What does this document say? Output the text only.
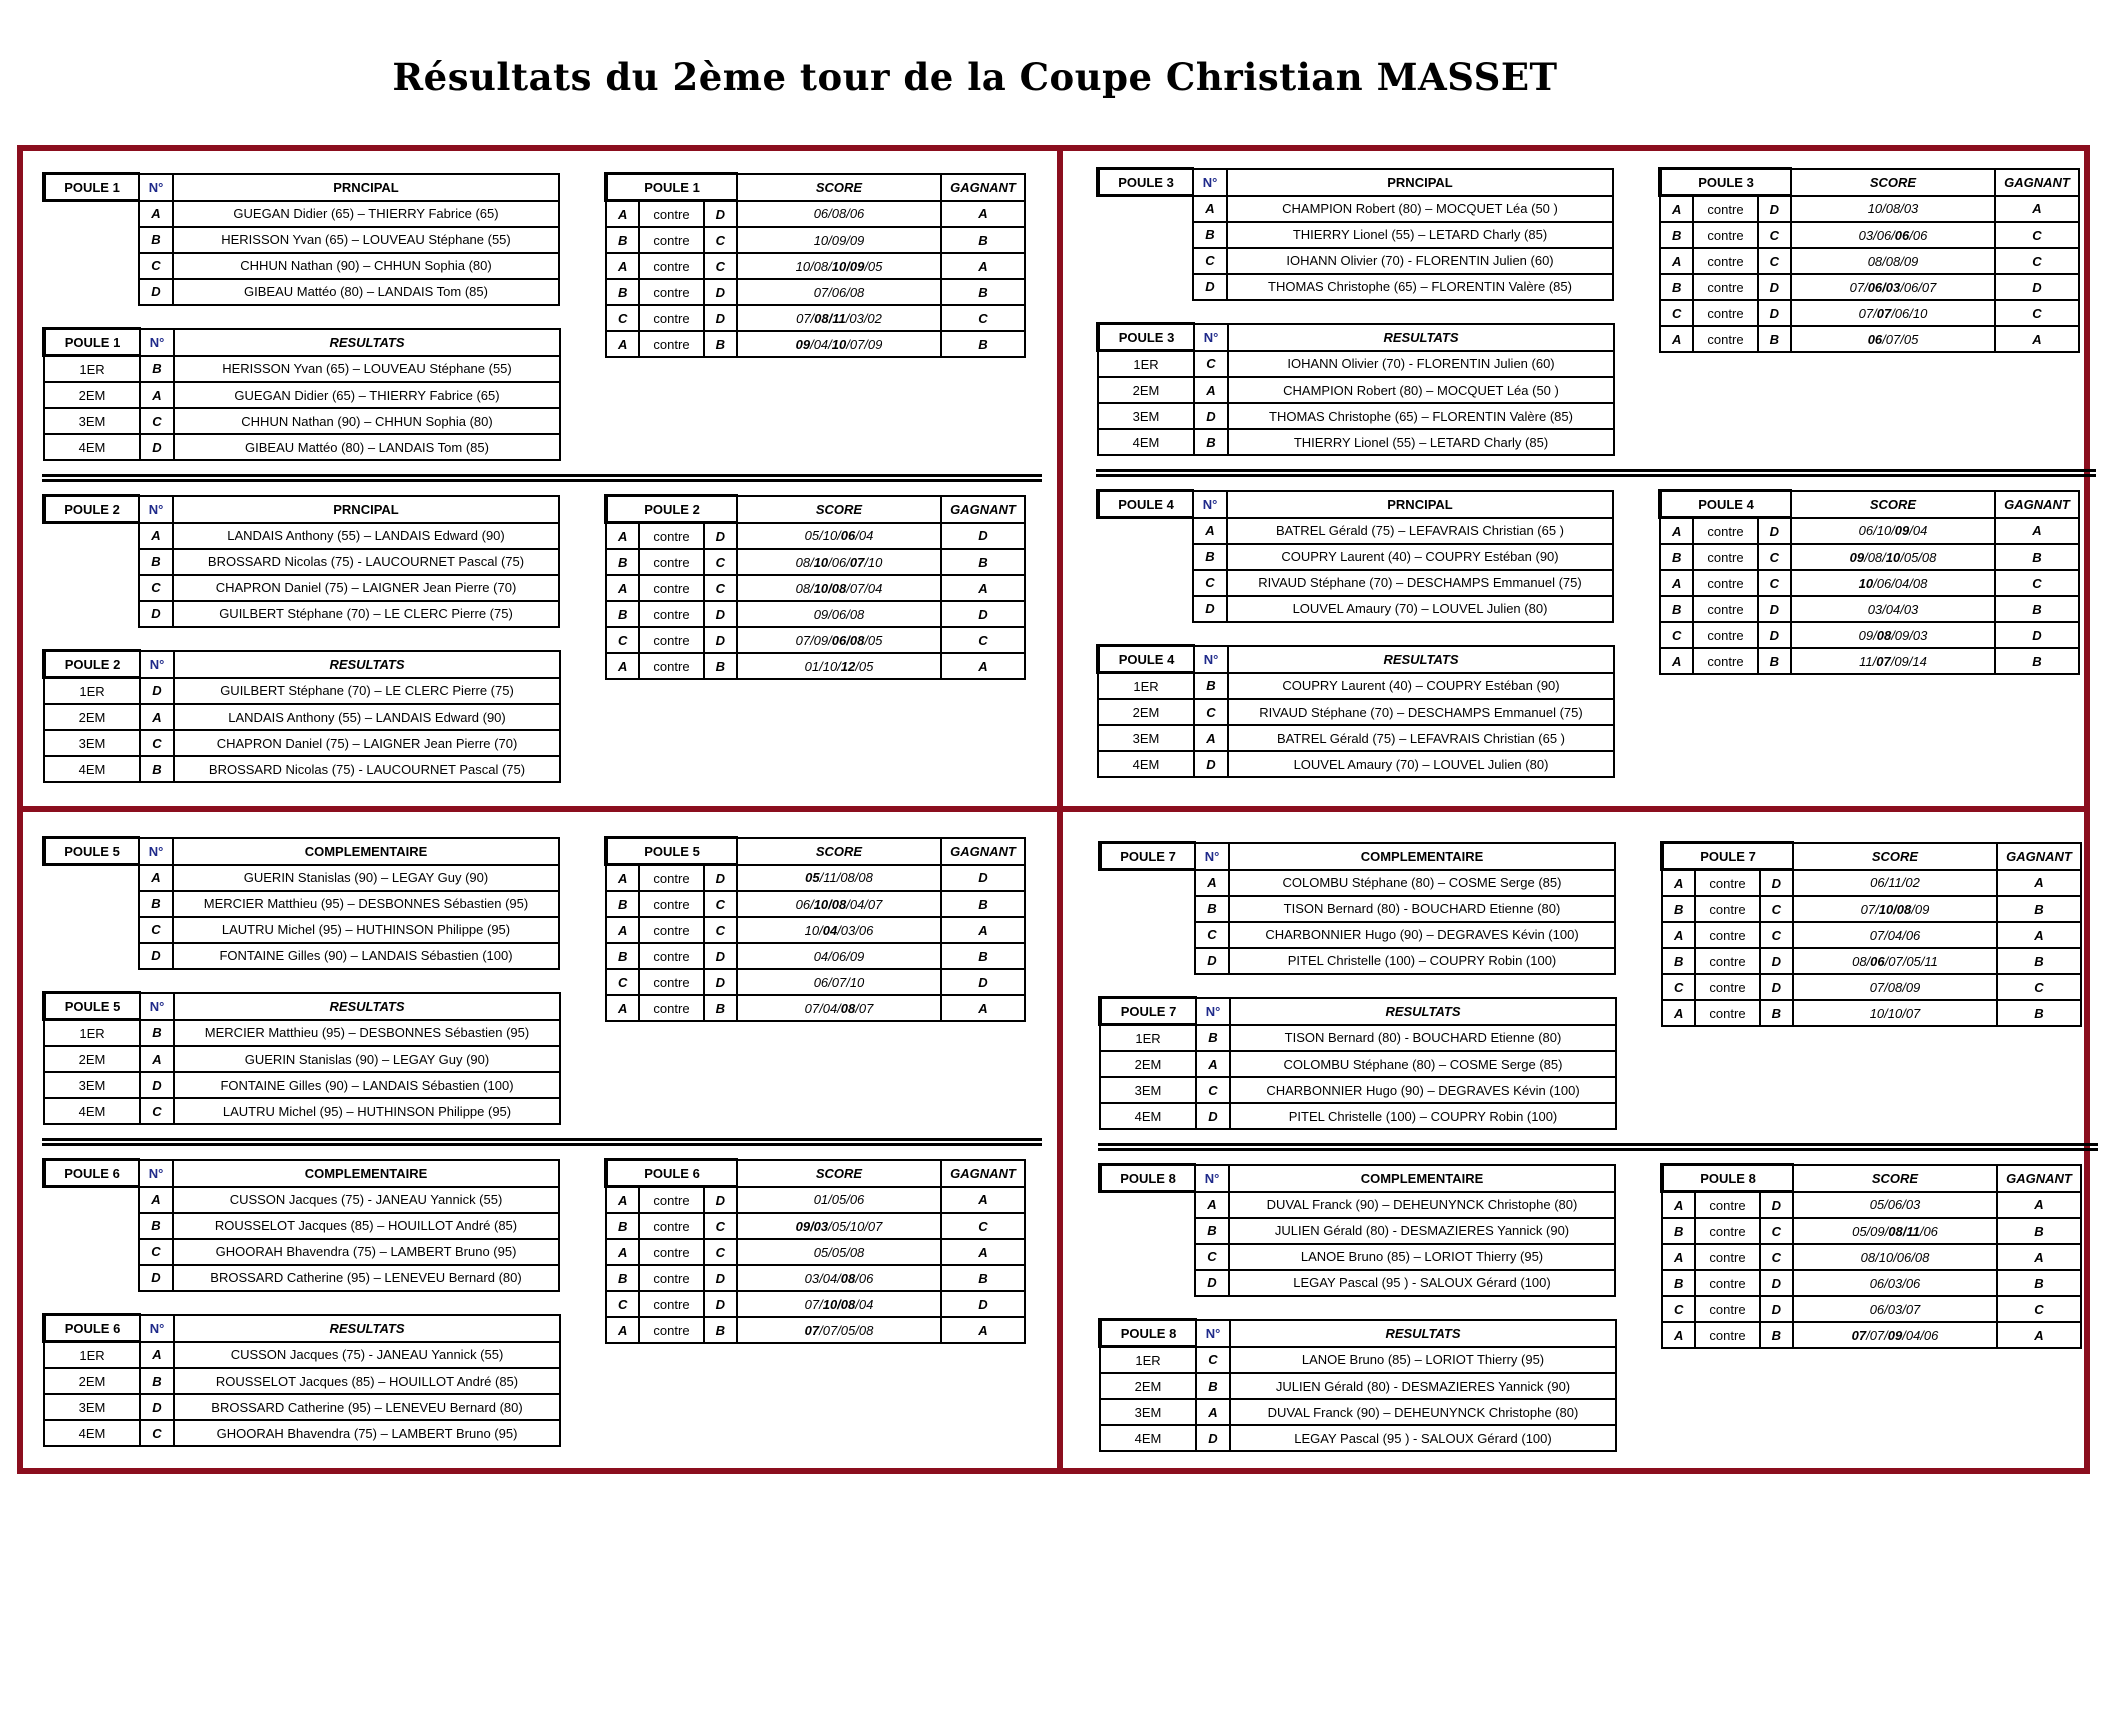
Résultats du 2ème tour de la Coupe Christian MASSET
POULE 1	N°	PRNCIPAL
	A	GUEGAN Didier (65) – THIERRY Fabrice (65)
	B	HERISSON Yvan (65) – LOUVEAU Stéphane (55)
	C	CHHUN Nathan (90) – CHHUN Sophia (80)
	D	GIBEAU Mattéo (80) – LANDAIS Tom (85)
POULE 1	N°	RESULTATS
1ER	B	HERISSON Yvan (65) – LOUVEAU Stéphane (55)
2EM	A	GUEGAN Didier (65) – THIERRY Fabrice (65)
3EM	C	CHHUN Nathan (90) – CHHUN Sophia (80)
4EM	D	GIBEAU Mattéo (80) – LANDAIS Tom (85)
POULE 1			SCORE	GAGNANT
A	contre	D	06/08/06	A
B	contre	C	10/09/09	B
A	contre	C	10/08/10/09/05	A
B	contre	D	07/06/08	B
C	contre	D	07/08/11/03/02	C
A	contre	B	09/04/10/07/09	B
POULE 2	N°	PRNCIPAL
	A	LANDAIS Anthony (55) – LANDAIS Edward (90)
	B	BROSSARD Nicolas (75) - LAUCOURNET Pascal (75)
	C	CHAPRON Daniel (75) – LAIGNER Jean Pierre (70)
	D	GUILBERT Stéphane (70) – LE CLERC Pierre (75)
POULE 2	N°	RESULTATS
1ER	D	GUILBERT Stéphane (70) – LE CLERC Pierre (75)
2EM	A	LANDAIS Anthony (55) – LANDAIS Edward (90)
3EM	C	CHAPRON Daniel (75) – LAIGNER Jean Pierre (70)
4EM	B	BROSSARD Nicolas (75) - LAUCOURNET Pascal (75)
POULE 2			SCORE	GAGNANT
A	contre	D	05/10/06/04	D
B	contre	C	08/10/06/07/10	B
A	contre	C	08/10/08/07/04	A
B	contre	D	09/06/08	D
C	contre	D	07/09/06/08/05	C
A	contre	B	01/10/12/05	A
POULE 3	N°	PRNCIPAL
	A	CHAMPION Robert (80) – MOCQUET Léa (50 )
	B	THIERRY Lionel (55) – LETARD Charly (85)
	C	IOHANN Olivier (70) - FLORENTIN Julien (60)
	D	THOMAS Christophe (65) – FLORENTIN Valère (85)
POULE 3	N°	RESULTATS
1ER	C	IOHANN Olivier (70) - FLORENTIN Julien (60)
2EM	A	CHAMPION Robert (80) – MOCQUET Léa (50 )
3EM	D	THOMAS Christophe (65) – FLORENTIN Valère (85)
4EM	B	THIERRY Lionel (55) – LETARD Charly (85)
POULE 3			SCORE	GAGNANT
A	contre	D	10/08/03	A
B	contre	C	03/06/06/06	C
A	contre	C	08/08/09	C
B	contre	D	07/06/03/06/07	D
C	contre	D	07/07/06/10	C
A	contre	B	06/07/05	A
POULE 4	N°	PRNCIPAL
	A	BATREL Gérald (75) – LEFAVRAIS Christian (65 )
	B	COUPRY Laurent (40) – COUPRY Estéban (90)
	C	RIVAUD Stéphane (70) – DESCHAMPS Emmanuel (75)
	D	LOUVEL Amaury (70) – LOUVEL Julien (80)
POULE 4	N°	RESULTATS
1ER	B	COUPRY Laurent (40) – COUPRY Estéban (90)
2EM	C	RIVAUD Stéphane (70) – DESCHAMPS Emmanuel (75)
3EM	A	BATREL Gérald (75) – LEFAVRAIS Christian (65 )
4EM	D	LOUVEL Amaury (70) – LOUVEL Julien (80)
POULE 4			SCORE	GAGNANT
A	contre	D	06/10/09/04	A
B	contre	C	09/08/10/05/08	B
A	contre	C	10/06/04/08	C
B	contre	D	03/04/03	B
C	contre	D	09/08/09/03	D
A	contre	B	11/07/09/14	B
POULE 5	N°	COMPLEMENTAIRE
	A	GUERIN Stanislas (90) – LEGAY Guy (90)
	B	MERCIER Matthieu (95) – DESBONNES Sébastien (95)
	C	LAUTRU Michel (95) – HUTHINSON Philippe (95)
	D	FONTAINE Gilles (90) – LANDAIS Sébastien (100)
POULE 5	N°	RESULTATS
1ER	B	MERCIER Matthieu (95) – DESBONNES Sébastien (95)
2EM	A	GUERIN Stanislas (90) – LEGAY Guy (90)
3EM	D	FONTAINE Gilles (90) – LANDAIS Sébastien (100)
4EM	C	LAUTRU Michel (95) – HUTHINSON Philippe (95)
POULE 5			SCORE	GAGNANT
A	contre	D	05/11/08/08	D
B	contre	C	06/10/08/04/07	B
A	contre	C	10/04/03/06	A
B	contre	D	04/06/09	B
C	contre	D	06/07/10	D
A	contre	B	07/04/08/07	A
POULE 6	N°	COMPLEMENTAIRE
	A	CUSSON Jacques (75) - JANEAU Yannick (55)
	B	ROUSSELOT Jacques (85) – HOUILLOT André (85)
	C	GHOORAH Bhavendra (75) – LAMBERT Bruno (95)
	D	BROSSARD Catherine (95) – LENEVEU Bernard (80)
POULE 6	N°	RESULTATS
1ER	A	CUSSON Jacques (75) - JANEAU Yannick (55)
2EM	B	ROUSSELOT Jacques (85) – HOUILLOT André (85)
3EM	D	BROSSARD Catherine (95) – LENEVEU Bernard (80)
4EM	C	GHOORAH Bhavendra (75) – LAMBERT Bruno (95)
POULE 6			SCORE	GAGNANT
A	contre	D	01/05/06	A
B	contre	C	09/03/05/10/07	C
A	contre	C	05/05/08	A
B	contre	D	03/04/08/06	B
C	contre	D	07/10/08/04	D
A	contre	B	07/07/05/08	A
POULE 7	N°	COMPLEMENTAIRE
	A	COLOMBU Stéphane (80) – COSME Serge (85)
	B	TISON Bernard (80) - BOUCHARD Etienne (80)
	C	CHARBONNIER Hugo (90) – DEGRAVES Kévin (100)
	D	PITEL Christelle (100) – COUPRY Robin (100)
POULE 7	N°	RESULTATS
1ER	B	TISON Bernard (80) - BOUCHARD Etienne (80)
2EM	A	COLOMBU Stéphane (80) – COSME Serge (85)
3EM	C	CHARBONNIER Hugo (90) – DEGRAVES Kévin (100)
4EM	D	PITEL Christelle (100) – COUPRY Robin (100)
POULE 7			SCORE	GAGNANT
A	contre	D	06/11/02	A
B	contre	C	07/10/08/09	B
A	contre	C	07/04/06	A
B	contre	D	08/06/07/05/11	B
C	contre	D	07/08/09	C
A	contre	B	10/10/07	B
POULE 8	N°	COMPLEMENTAIRE
	A	DUVAL Franck (90) – DEHEUNYNCK Christophe (80)
	B	JULIEN Gérald (80) - DESMAZIERES Yannick (90)
	C	LANOE Bruno (85) – LORIOT Thierry (95)
	D	LEGAY Pascal (95 ) - SALOUX Gérard (100)
POULE 8	N°	RESULTATS
1ER	C	LANOE Bruno (85) – LORIOT Thierry (95)
2EM	B	JULIEN Gérald (80) - DESMAZIERES Yannick (90)
3EM	A	DUVAL Franck (90) – DEHEUNYNCK Christophe (80)
4EM	D	LEGAY Pascal (95 ) - SALOUX Gérard (100)
POULE 8			SCORE	GAGNANT
A	contre	D	05/06/03	A
B	contre	C	05/09/08/11/06	B
A	contre	C	08/10/06/08	A
B	contre	D	06/03/06	B
C	contre	D	06/03/07	C
A	contre	B	07/07/09/04/06	A
